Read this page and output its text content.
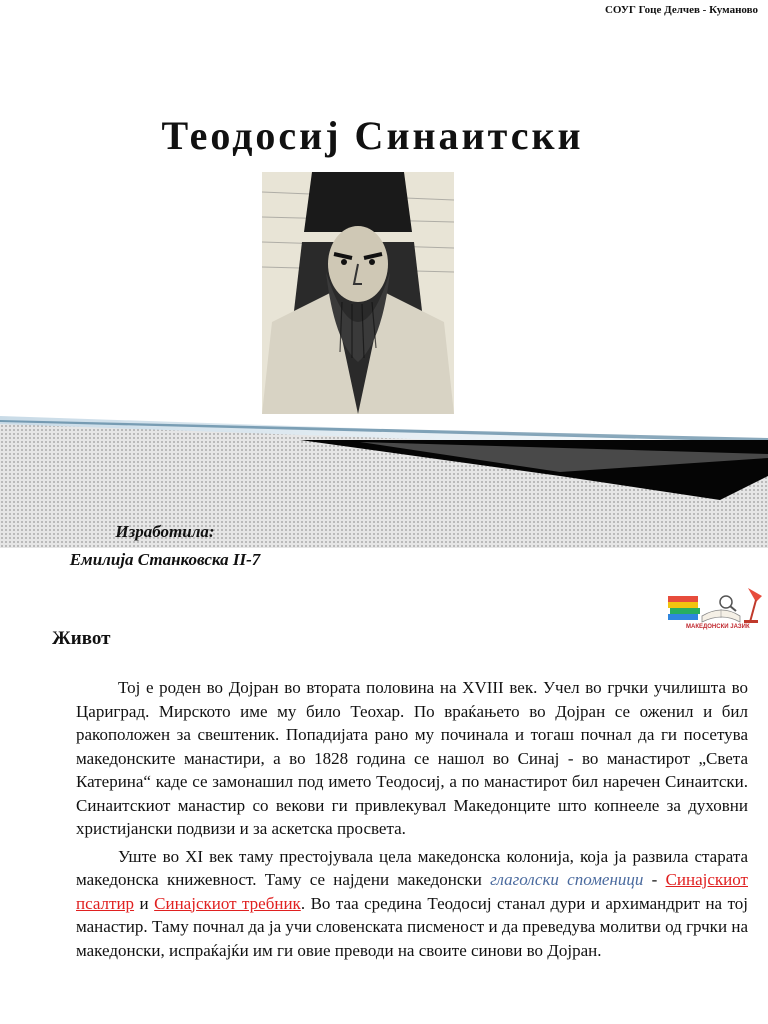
СОУГ Гоце Делчев - Куманово
Теодосиј Синаитски
Изработила:
Емилија Станковска II-7
МАКЕДОНСКИ ЈАЗИК
Живот

Тој е роден во Дојран во втората половина на XVIII век. Учел во грчки училишта во Цариград. Мирското име му било Теохар. По враќањето во Дојран се оженил и бил ракоположен за свештеник. Попадијата рано му починала и тогаш почнал да ги посетува македонските манастири, а во 1828 година се нашол во Синај - во манастирот „Света Катерина“ каде се замонашил под името Теодосиј, а по манастирот бил наречен Синаитски. Синаитскиот манастир со векови ги привлекувал Македонците што копнееле за духовни христијански подвизи и за аскетска просвета.

Уште во XI век таму престојувала цела македонска колонија, која ја развила старата македонска книжевност. Таму се најдени македонски глаголски споменици - Синајскиот псалтир и Синајскиот требник. Во таа средина Теодосиј станал дури и архимандрит на тој манастир. Таму почнал да ја учи словенската писменост и да преведува молитви од грчки на македонски, испраќајќи им ги овие преводи на своите синови во Дојран.
